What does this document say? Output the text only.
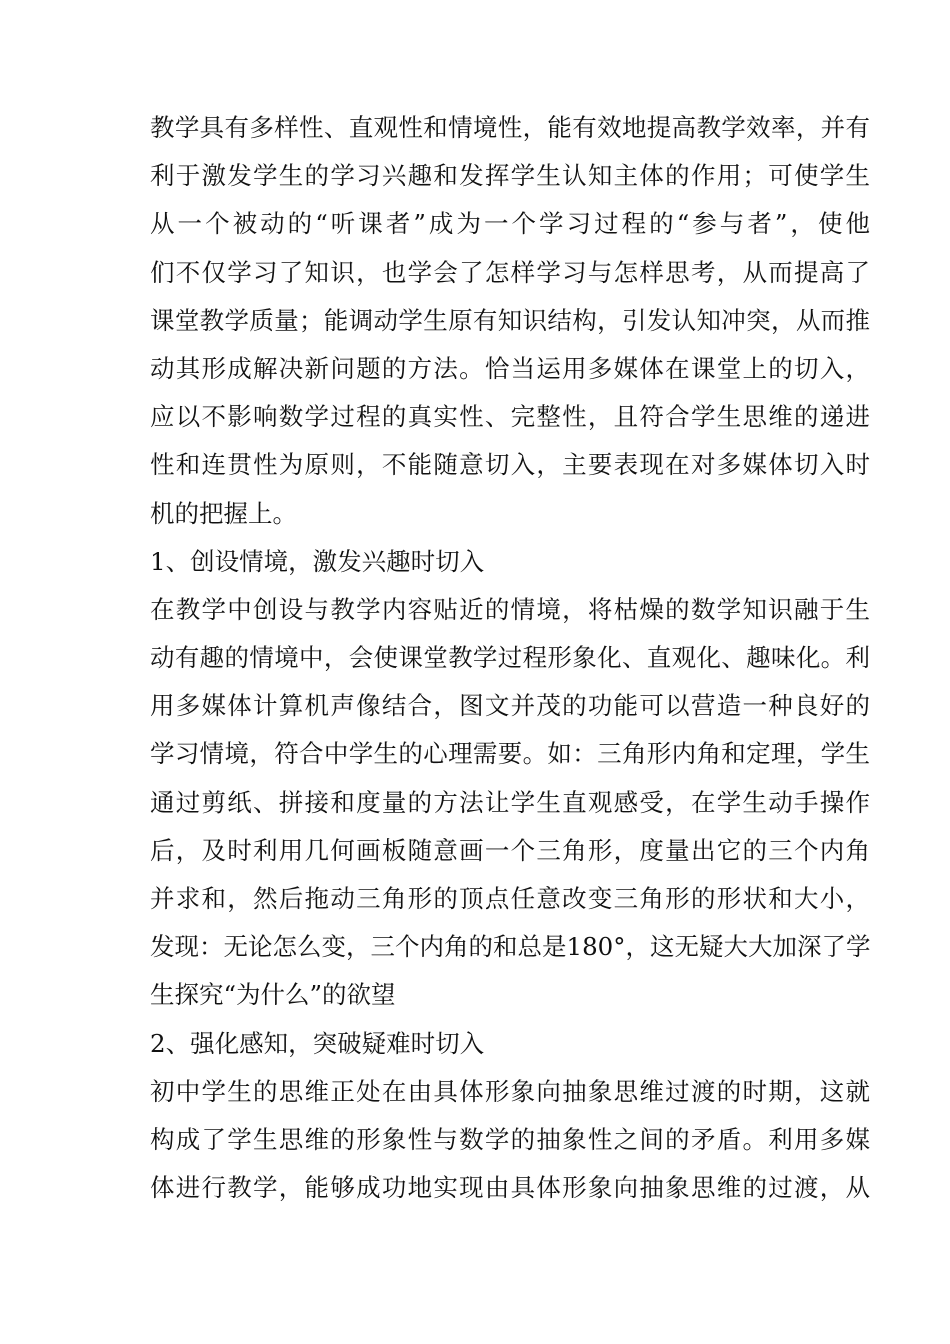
教学具有多样性、直观性和情境性，能有效地提高教学效率，并有
利于激发学生的学习兴趣和发挥学生认知主体的作用；可使学生
从一个被动的“听课者”成为一个学习过程的“参与者”，使他
们不仅学习了知识，也学会了怎样学习与怎样思考，从而提高了
课堂教学质量；能调动学生原有知识结构，引发认知冲突，从而推
动其形成解决新问题的方法。恰当运用多媒体在课堂上的切入，
应以不影响数学过程的真实性、完整性，且符合学生思维的递进
性和连贯性为原则，不能随意切入，主要表现在对多媒体切入时
机的把握上。
1、创设情境，激发兴趣时切入
在教学中创设与教学内容贴近的情境，将枯燥的数学知识融于生
动有趣的情境中，会使课堂教学过程形象化、直观化、趣味化。利
用多媒体计算机声像结合，图文并茂的功能可以营造一种良好的
学习情境，符合中学生的心理需要。如：三角形内角和定理，学生
通过剪纸、拼接和度量的方法让学生直观感受，在学生动手操作
后，及时利用几何画板随意画一个三角形，度量出它的三个内角
并求和，然后拖动三角形的顶点任意改变三角形的形状和大小，
发现：无论怎么变，三个内角的和总是180°，这无疑大大加深了学
生探究“为什么”的欲望
2、强化感知，突破疑难时切入
初中学生的思维正处在由具体形象向抽象思维过渡的时期，这就
构成了学生思维的形象性与数学的抽象性之间的矛盾。利用多媒
体进行教学，能够成功地实现由具体形象向抽象思维的过渡，从
